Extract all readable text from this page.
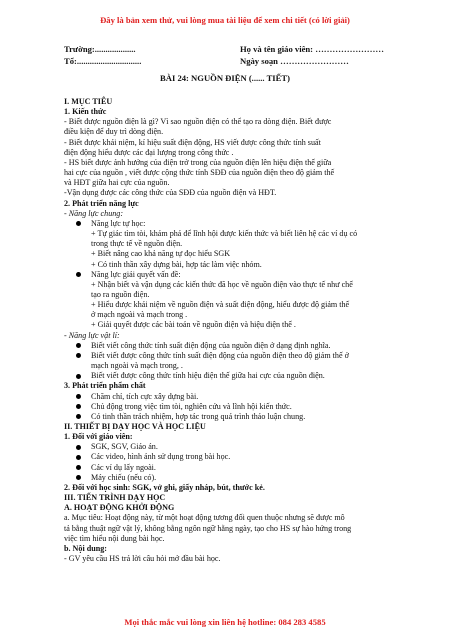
Đây là bản xem thử, vui lòng mua tài liệu để xem chi tiết (có lời giải)
Trường:...................
Tổ:..............................
Họ và tên giáo viên: ……………………
Ngày soạn ……………………
BÀI 24: NGUỒN ĐIỆN (...... TIẾT)

I. MỤC TIÊU

1. Kiến thức

- Biết được nguồn điện là gì? Vì sao nguồn điện có thể tạo ra dòng điện. Biết được

điều kiện để duy trì dòng điện.

- Biết được khái niệm, kí hiệu suất điện động, HS viết được công thức tính suất

điện động hiểu được các đại lượng trong công thức .

- HS biết được ảnh hưởng của điện trở trong của nguồn điện lên hiệu điện thế giữa

hai cực của nguồn , viết được cộng thức tính SĐĐ của nguồn điện theo độ giảm thế

và HĐT giữa hai cực của nguồn.

-Vận dụng được các công thức của SĐĐ của nguồn điện và HĐT.

2. Phát triển năng lực

- Năng lực chung:

Năng lực tự học:

+ Tự giác tìm tòi, khám phá để lĩnh hội được kiến thức và biết liên hệ các ví dụ có

trong thực tế về nguồn điện.

+ Biết nâng cao khả năng tự đọc hiểu SGK

+ Có tinh thần xây dựng bài, hợp tác làm việc nhóm.

Năng lực giải quyết vấn đề:

+ Nhận biết và vận dụng các kiến thức đã học về nguồn điện vào thực tế như chế

tạo ra nguồn điện.

+ Hiểu được khái niệm về nguồn điện và suất điện động, hiểu được độ giảm thế

ở mạch ngoài và mạch trong .

+ Giải quyết được các bài toán về nguồn điện và hiệu điện thế .

- Năng lực vật lí:

Biết viết công thức tính suất điện động của nguồn điện ở dạng định nghĩa.

Biết viết được công thức tính suất điện động của nguồn điện theo độ giảm thế ở

mạch ngoài và mạch trong, .

Biết viết được công thức tính hiệu điện thế giữa hai cực của nguồn điện.

3. Phát triển phẩm chất

Chăm chỉ, tích cực xây dựng bài.

Chủ động trong việc tìm tòi, nghiên cứu và lĩnh hội kiến thức.

Có tinh thần trách nhiệm, hợp tác trong quá trình thảo luận chung.

II. THIẾT BỊ DẠY HỌC VÀ HỌC LIỆU

1. Đối với giáo viên:

SGK, SGV, Giáo án.

Các video, hình ảnh sử dụng trong bài học.

Các ví dụ lấy ngoài.

Máy chiếu (nếu có).

2. Đối với học sinh: SGK, vở ghi, giấy nháp, bút, thước kẻ.

III. TIẾN TRÌNH DẠY HỌC

A. HOẠT ĐỘNG KHỞI ĐỘNG

a. Mục tiêu: Hoạt động này, từ một hoạt động tương đối quen thuộc nhưng sẽ được mô

tả bằng thuật ngữ vật lý, không bằng ngôn ngữ hằng ngày, tạo cho HS sự hào hứng trong

việc tìm hiểu nội dung bài học.

b. Nội dung:

- GV yêu cầu HS trả lời câu hỏi mở đầu bài học.

Mọi thắc mắc vui lòng xin liên hệ hotline: 084 283 4585
